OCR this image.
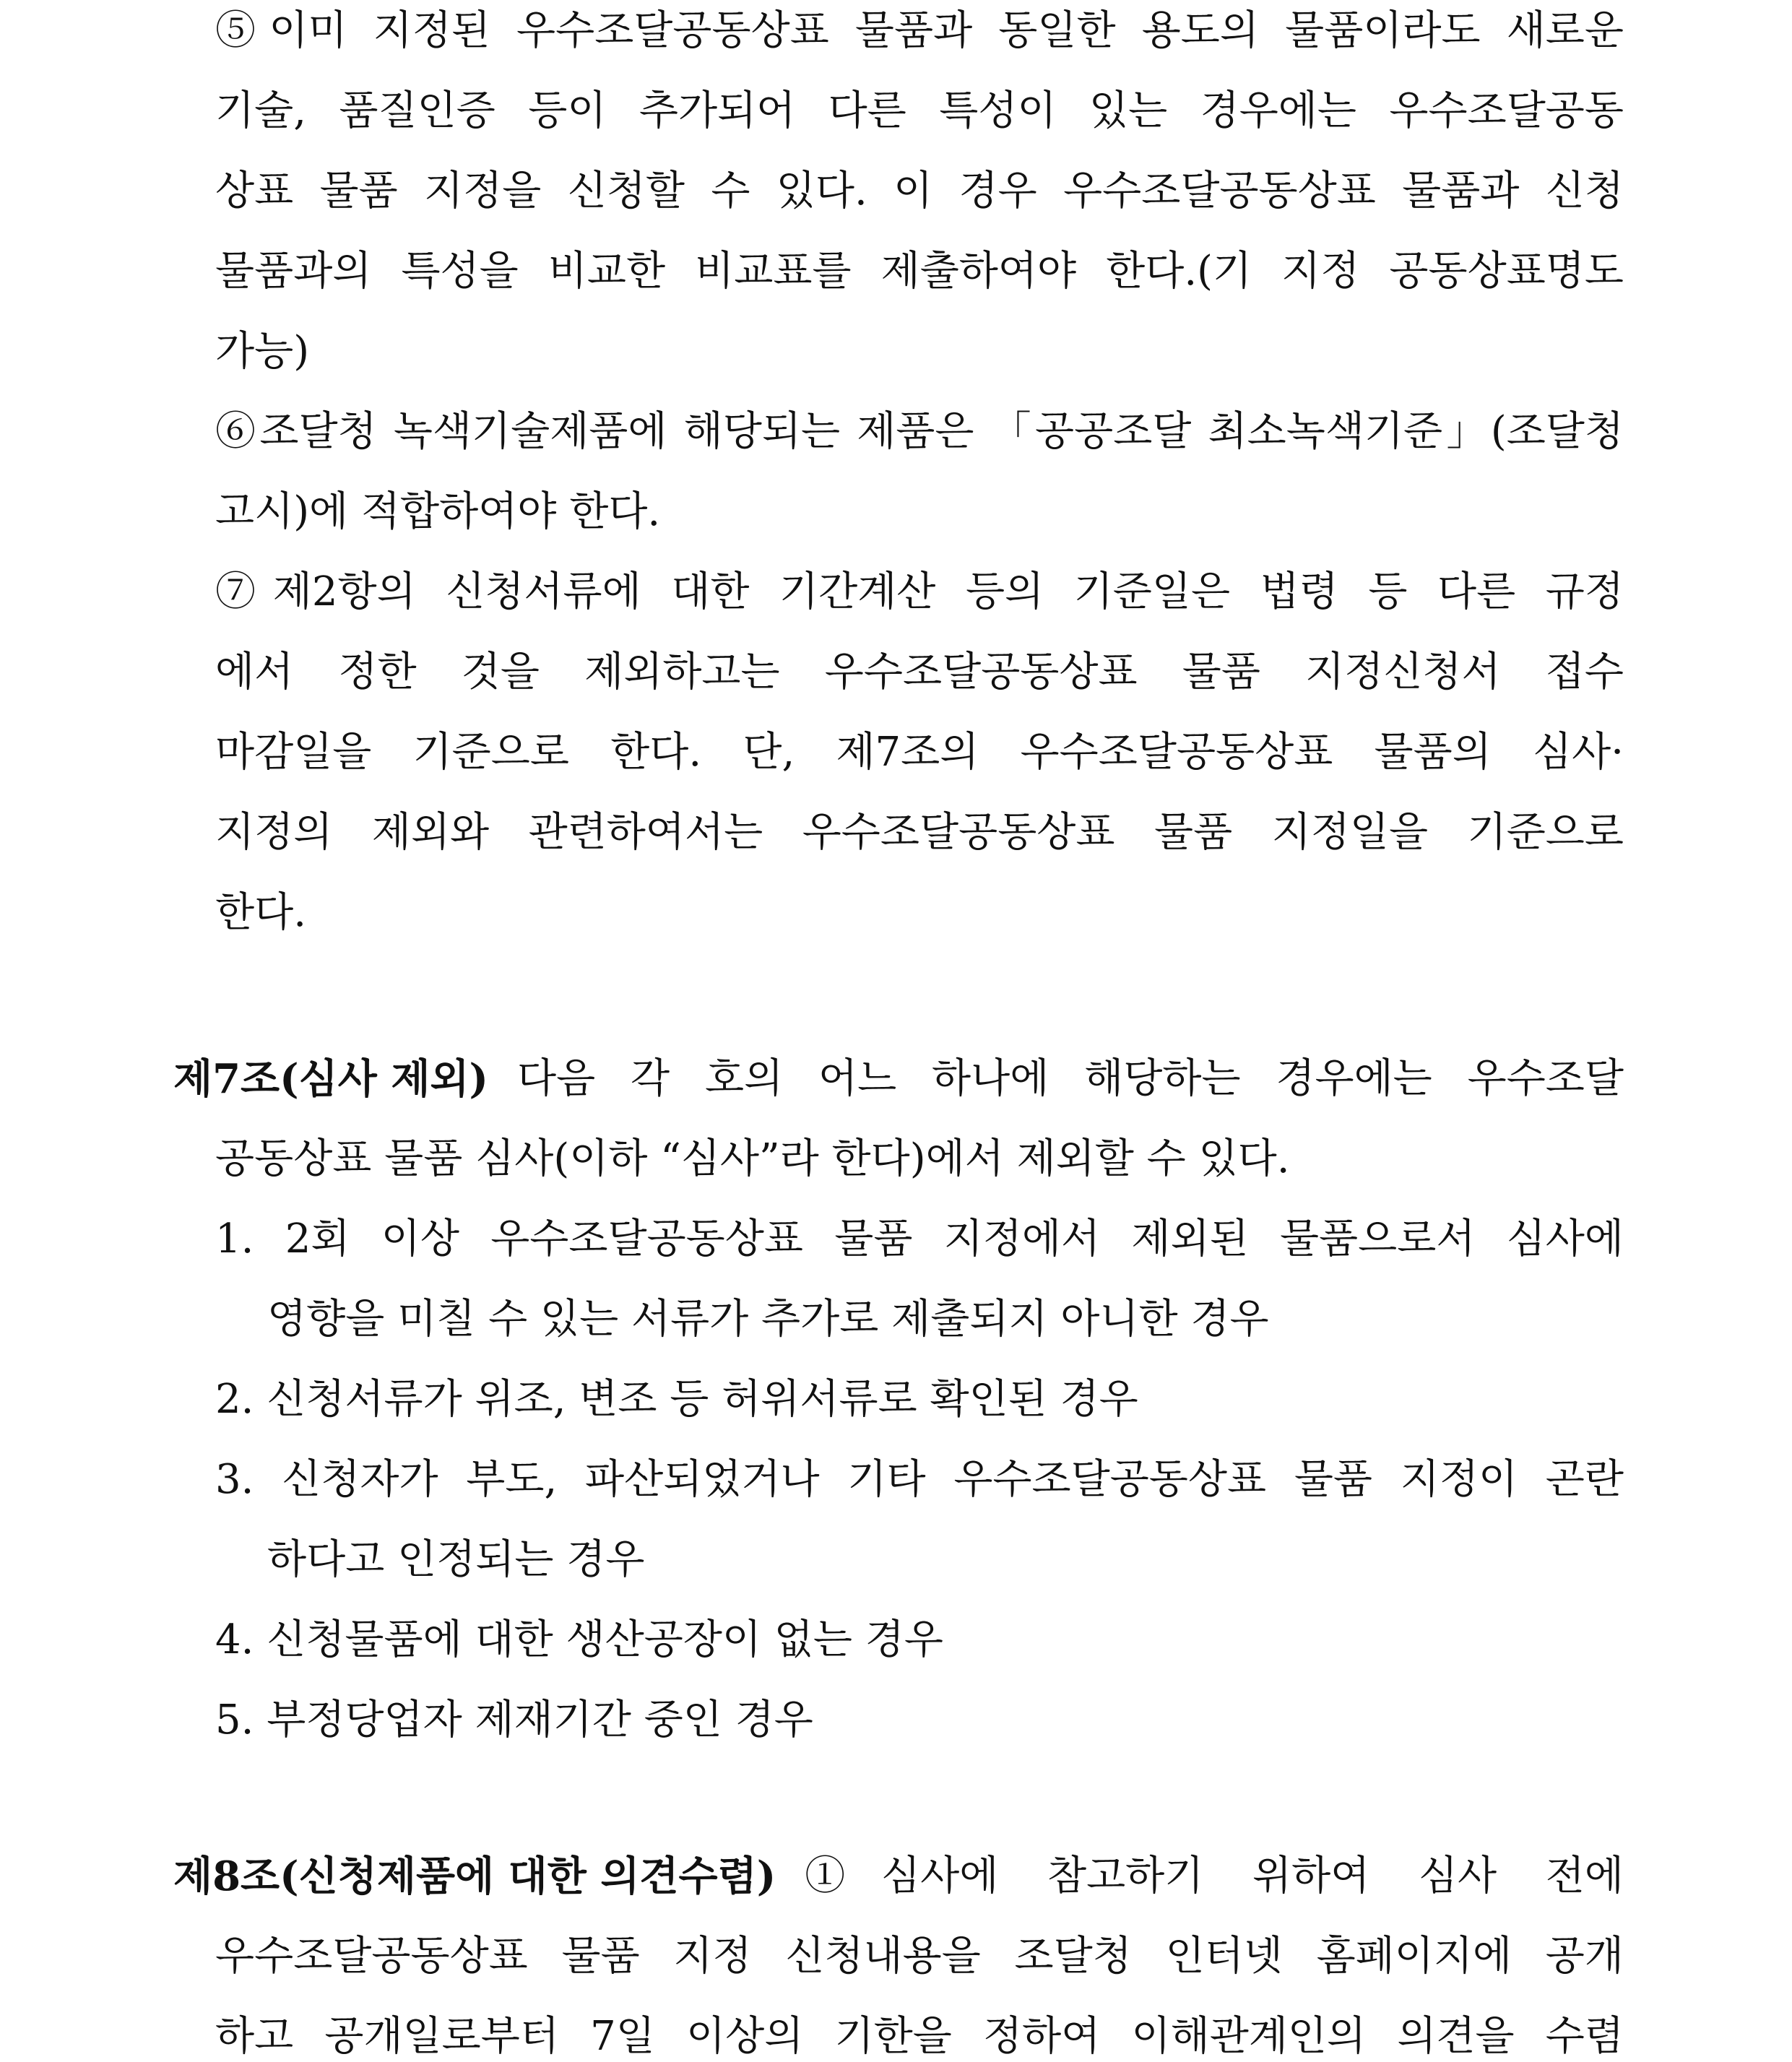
⑤이미 지정된 우수조달공동상표 물품과 동일한 용도의 물품이라도 새로운
기술, 품질인증 등이 추가되어 다른 특성이 있는 경우에는 우수조달공동
상표 물품 지정을 신청할 수 있다. 이 경우 우수조달공동상표 물품과 신청
물품과의 특성을 비교한 비교표를 제출하여야 한다.(기 지정 공동상표명도
가능)
⑥조달청 녹색기술제품에 해당되는 제품은 「공공조달 최소녹색기준」(조달청
고시)에 적합하여야 한다.
⑦제2항의 신청서류에 대한 기간계산 등의 기준일은 법령 등 다른 규정
에서 정한 것을 제외하고는 우수조달공동상표 물품 지정신청서 접수
마감일을 기준으로 한다. 단, 제7조의 우수조달공동상표 물품의 심사·
지정의 제외와 관련하여서는 우수조달공동상표 물품 지정일을 기준으로
한다.
제7조(심사 제외) 다음 각 호의 어느 하나에 해당하는 경우에는 우수조달
공동상표 물품 심사(이하 “심사”라 한다)에서 제외할 수 있다.
1. 2회 이상 우수조달공동상표 물품 지정에서 제외된 물품으로서 심사에
영향을 미칠 수 있는 서류가 추가로 제출되지 아니한 경우
2. 신청서류가 위조, 변조 등 허위서류로 확인된 경우
3. 신청자가 부도, 파산되었거나 기타 우수조달공동상표 물품 지정이 곤란
하다고 인정되는 경우
4. 신청물품에 대한 생산공장이 없는 경우
5. 부정당업자 제재기간 중인 경우
제8조(신청제품에 대한 의견수렴) ①심사에 참고하기 위하여 심사 전에
우수조달공동상표 물품 지정 신청내용을 조달청 인터넷 홈페이지에 공개
하고 공개일로부터 7일 이상의 기한을 정하여 이해관계인의 의견을 수렴
